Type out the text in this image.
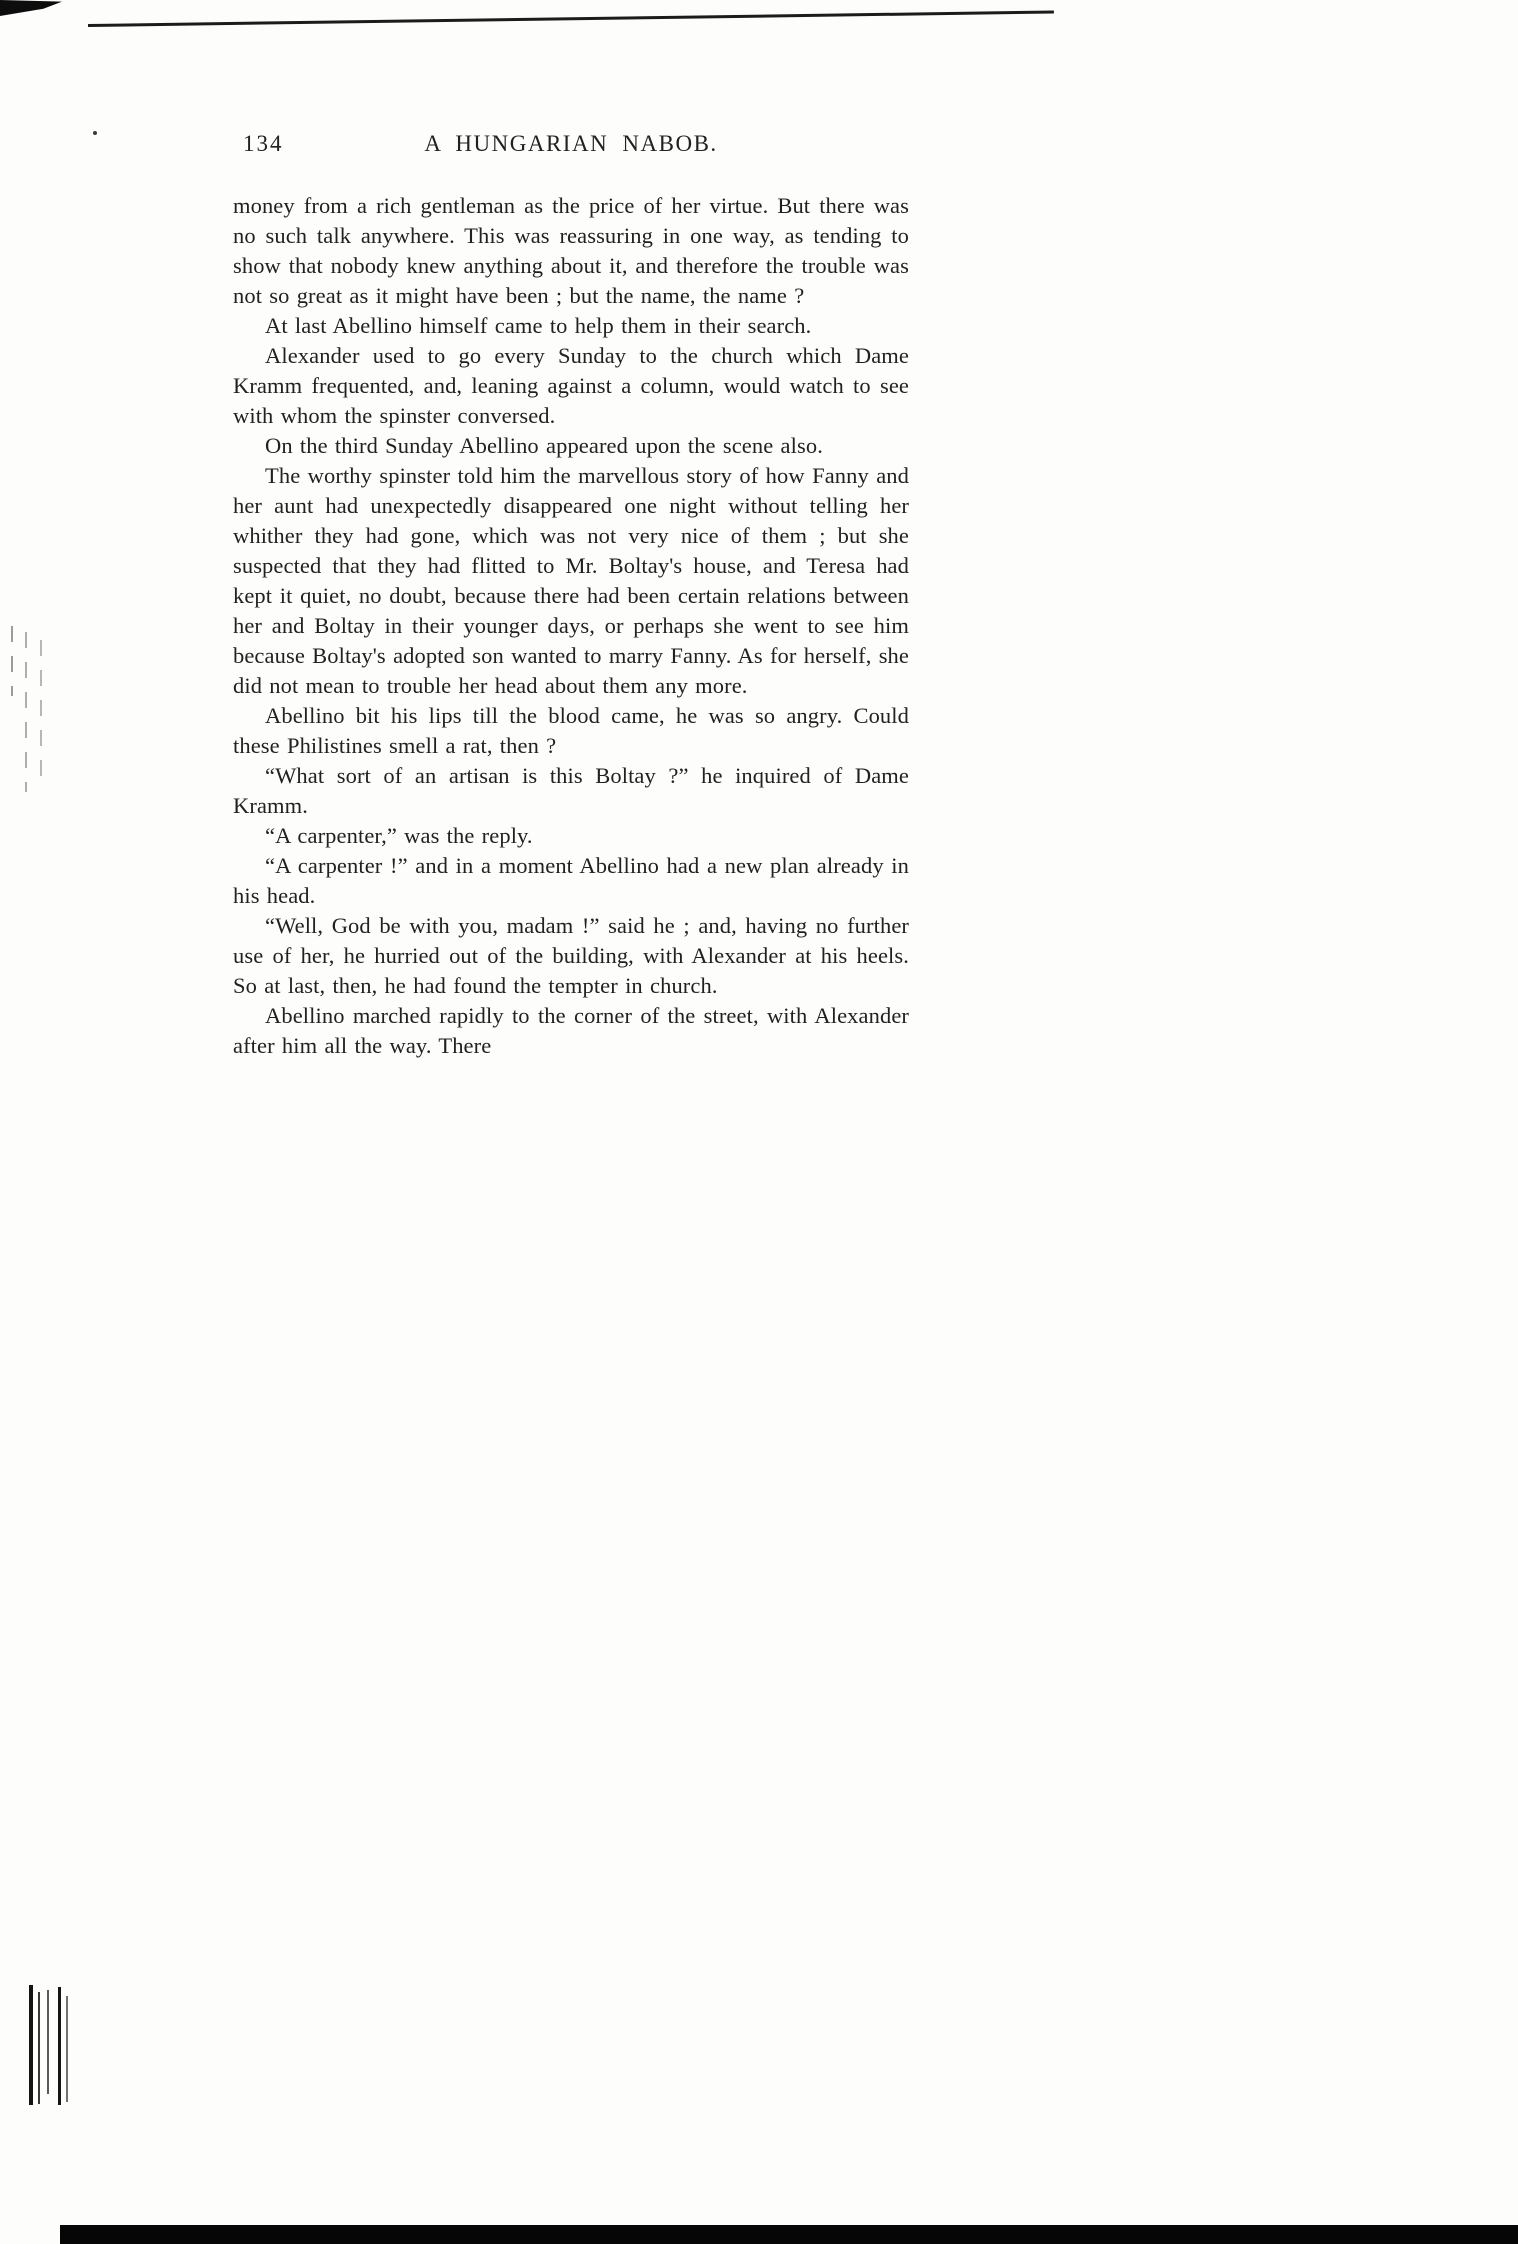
134	A HUNGARIAN NABOB.

money from a rich gentleman as the price of her virtue. But there was no such talk anywhere. This was reassuring in one way, as tending to show that nobody knew anything about it, and therefore the trouble was not so great as it might have been ; but the name, the name ?

At last Abellino himself came to help them in their search.

Alexander used to go every Sunday to the church which Dame Kramm frequented, and, leaning against a column, would watch to see with whom the spinster conversed.

On the third Sunday Abellino appeared upon the scene also.

The worthy spinster told him the marvellous story of how Fanny and her aunt had unexpectedly disappeared one night without telling her whither they had gone, which was not very nice of them ; but she suspected that they had flitted to Mr. Boltay's house, and Teresa had kept it quiet, no doubt, because there had been certain relations between her and Boltay in their younger days, or perhaps she went to see him because Boltay's adopted son wanted to marry Fanny. As for herself, she did not mean to trouble her head about them any more.

Abellino bit his lips till the blood came, he was so angry. Could these Philistines smell a rat, then ?

“What sort of an artisan is this Boltay ?” he inquired of Dame Kramm.

“A carpenter,” was the reply.

“A carpenter !” and in a moment Abellino had a new plan already in his head.

“Well, God be with you, madam !” said he ; and, having no further use of her, he hurried out of the building, with Alexander at his heels. So at last, then, he had found the tempter in church.

Abellino marched rapidly to the corner of the street, with Alexander after him all the way. There
